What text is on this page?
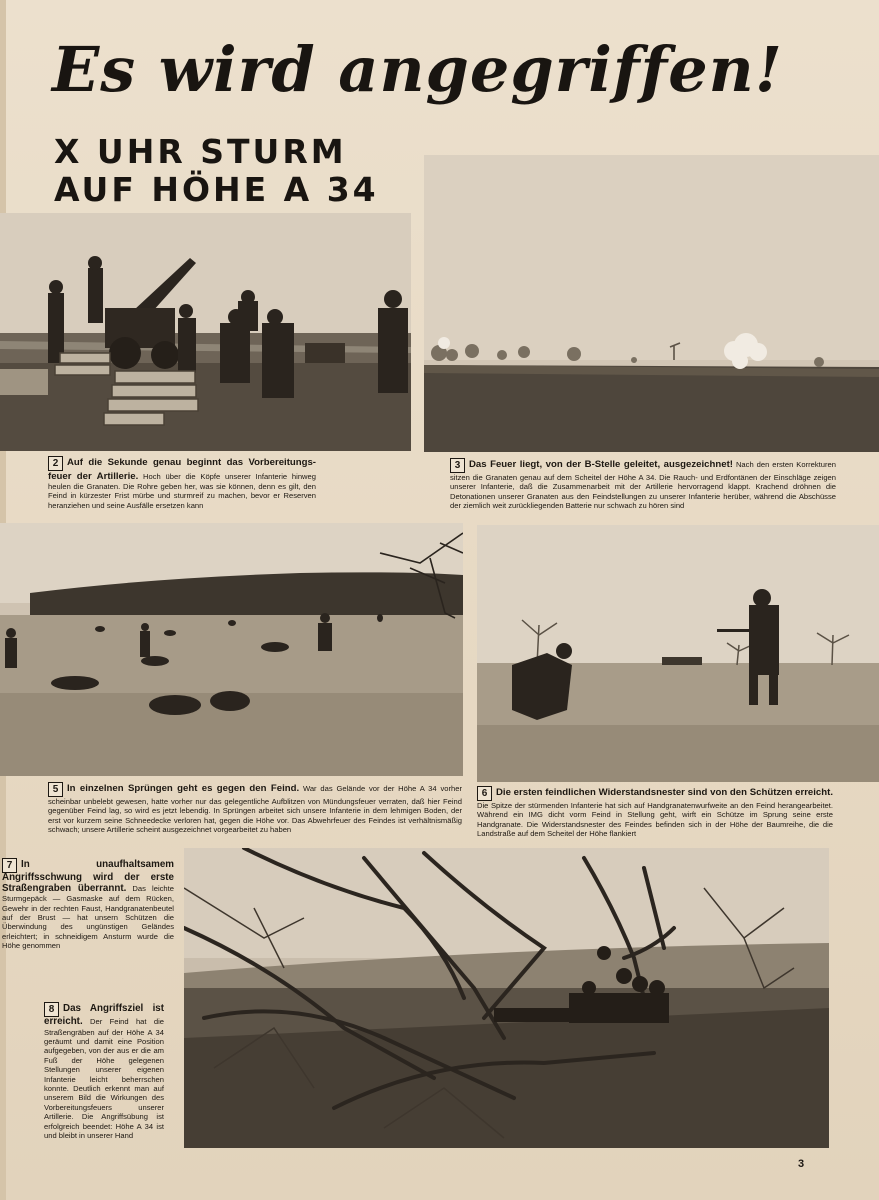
Es wird angegriffen!
X UHR STURM
AUF HÖHE A 34
2 Auf die Sekunde genau beginnt das Vorbereitungs-feuer der Artillerie. Hoch über die Köpfe unserer Infanterie hinweg heulen die Granaten. Die Rohre geben her, was sie können, denn es gilt, den Feind in kürzester Frist mürbe und sturmreif zu machen, bevor er Reserven heranziehen und seine Ausfälle ersetzen kann
3 Das Feuer liegt, von der B-Stelle geleitet, ausgezeichnet! Nach den ersten Korrekturen sitzen die Granaten genau auf dem Scheitel der Höhe A 34. Die Rauch- und Erdfontänen der Einschläge zeigen unserer Infanterie, daß die Zusammenarbeit mit der Artillerie hervorragend klappt. Krachend dröhnen die Detonationen unserer Granaten aus den Feindstellungen zu unserer Infanterie herüber, während die Abschüsse der ziemlich weit zurückliegenden Batterie nur schwach zu hören sind
5 In einzelnen Sprüngen geht es gegen den Feind. War das Gelände vor der Höhe A 34 vorher scheinbar unbelebt gewesen, hatte vorher nur das gelegentliche Aufblitzen von Mündungsfeuer verraten, daß hier Feind gegenüber Feind lag, so wird es jetzt lebendig. In Sprüngen arbeitet sich unsere Infanterie in dem lehmigen Boden, der erst vor kurzem seine Schneedecke verloren hat, gegen die Höhe vor. Das Abwehrfeuer des Feindes ist verhältnismäßig schwach; unsere Artillerie scheint ausgezeichnet vorgearbeitet zu haben
6 Die ersten feindlichen Widerstandsnester sind von den Schützen erreicht. Die Spitze der stürmenden Infanterie hat sich auf Handgranatenwurfweite an den Feind herangearbeitet. Während ein IMG dicht vorm Feind in Stellung geht, wirft ein Schütze im Sprung seine erste Handgranate. Die Widerstandsnester des Feindes befinden sich in der Höhe der Baumreihe, die die Landstraße auf dem Scheitel der Höhe flankiert
7 In unaufhaltsamem Angriffsschwung wird der erste Straßengraben überrannt. Das leichte Sturmgepäck — Gasmaske auf dem Rücken, Gewehr in der rechten Faust, Handgranatenbeutel auf der Brust — hat unsern Schützen die Überwindung des ungünstigen Geländes erleichtert; in schneidigem Ansturm wurde die Höhe genommen
8 Das Angriffsziel ist erreicht. Der Feind hat die Straßengräben auf der Höhe A 34 geräumt und damit eine Position aufgegeben, von der aus er die am Fuß der Höhe gelegenen Stellungen unserer eigenen Infanterie leicht beherrschen konnte. Deutlich erkennt man auf unserem Bild die Wirkungen des Vorbereitungsfeuers unserer Artillerie. Die Angriffsübung ist erfolgreich beendet: Höhe A 34 ist und bleibt in unserer Hand
3
